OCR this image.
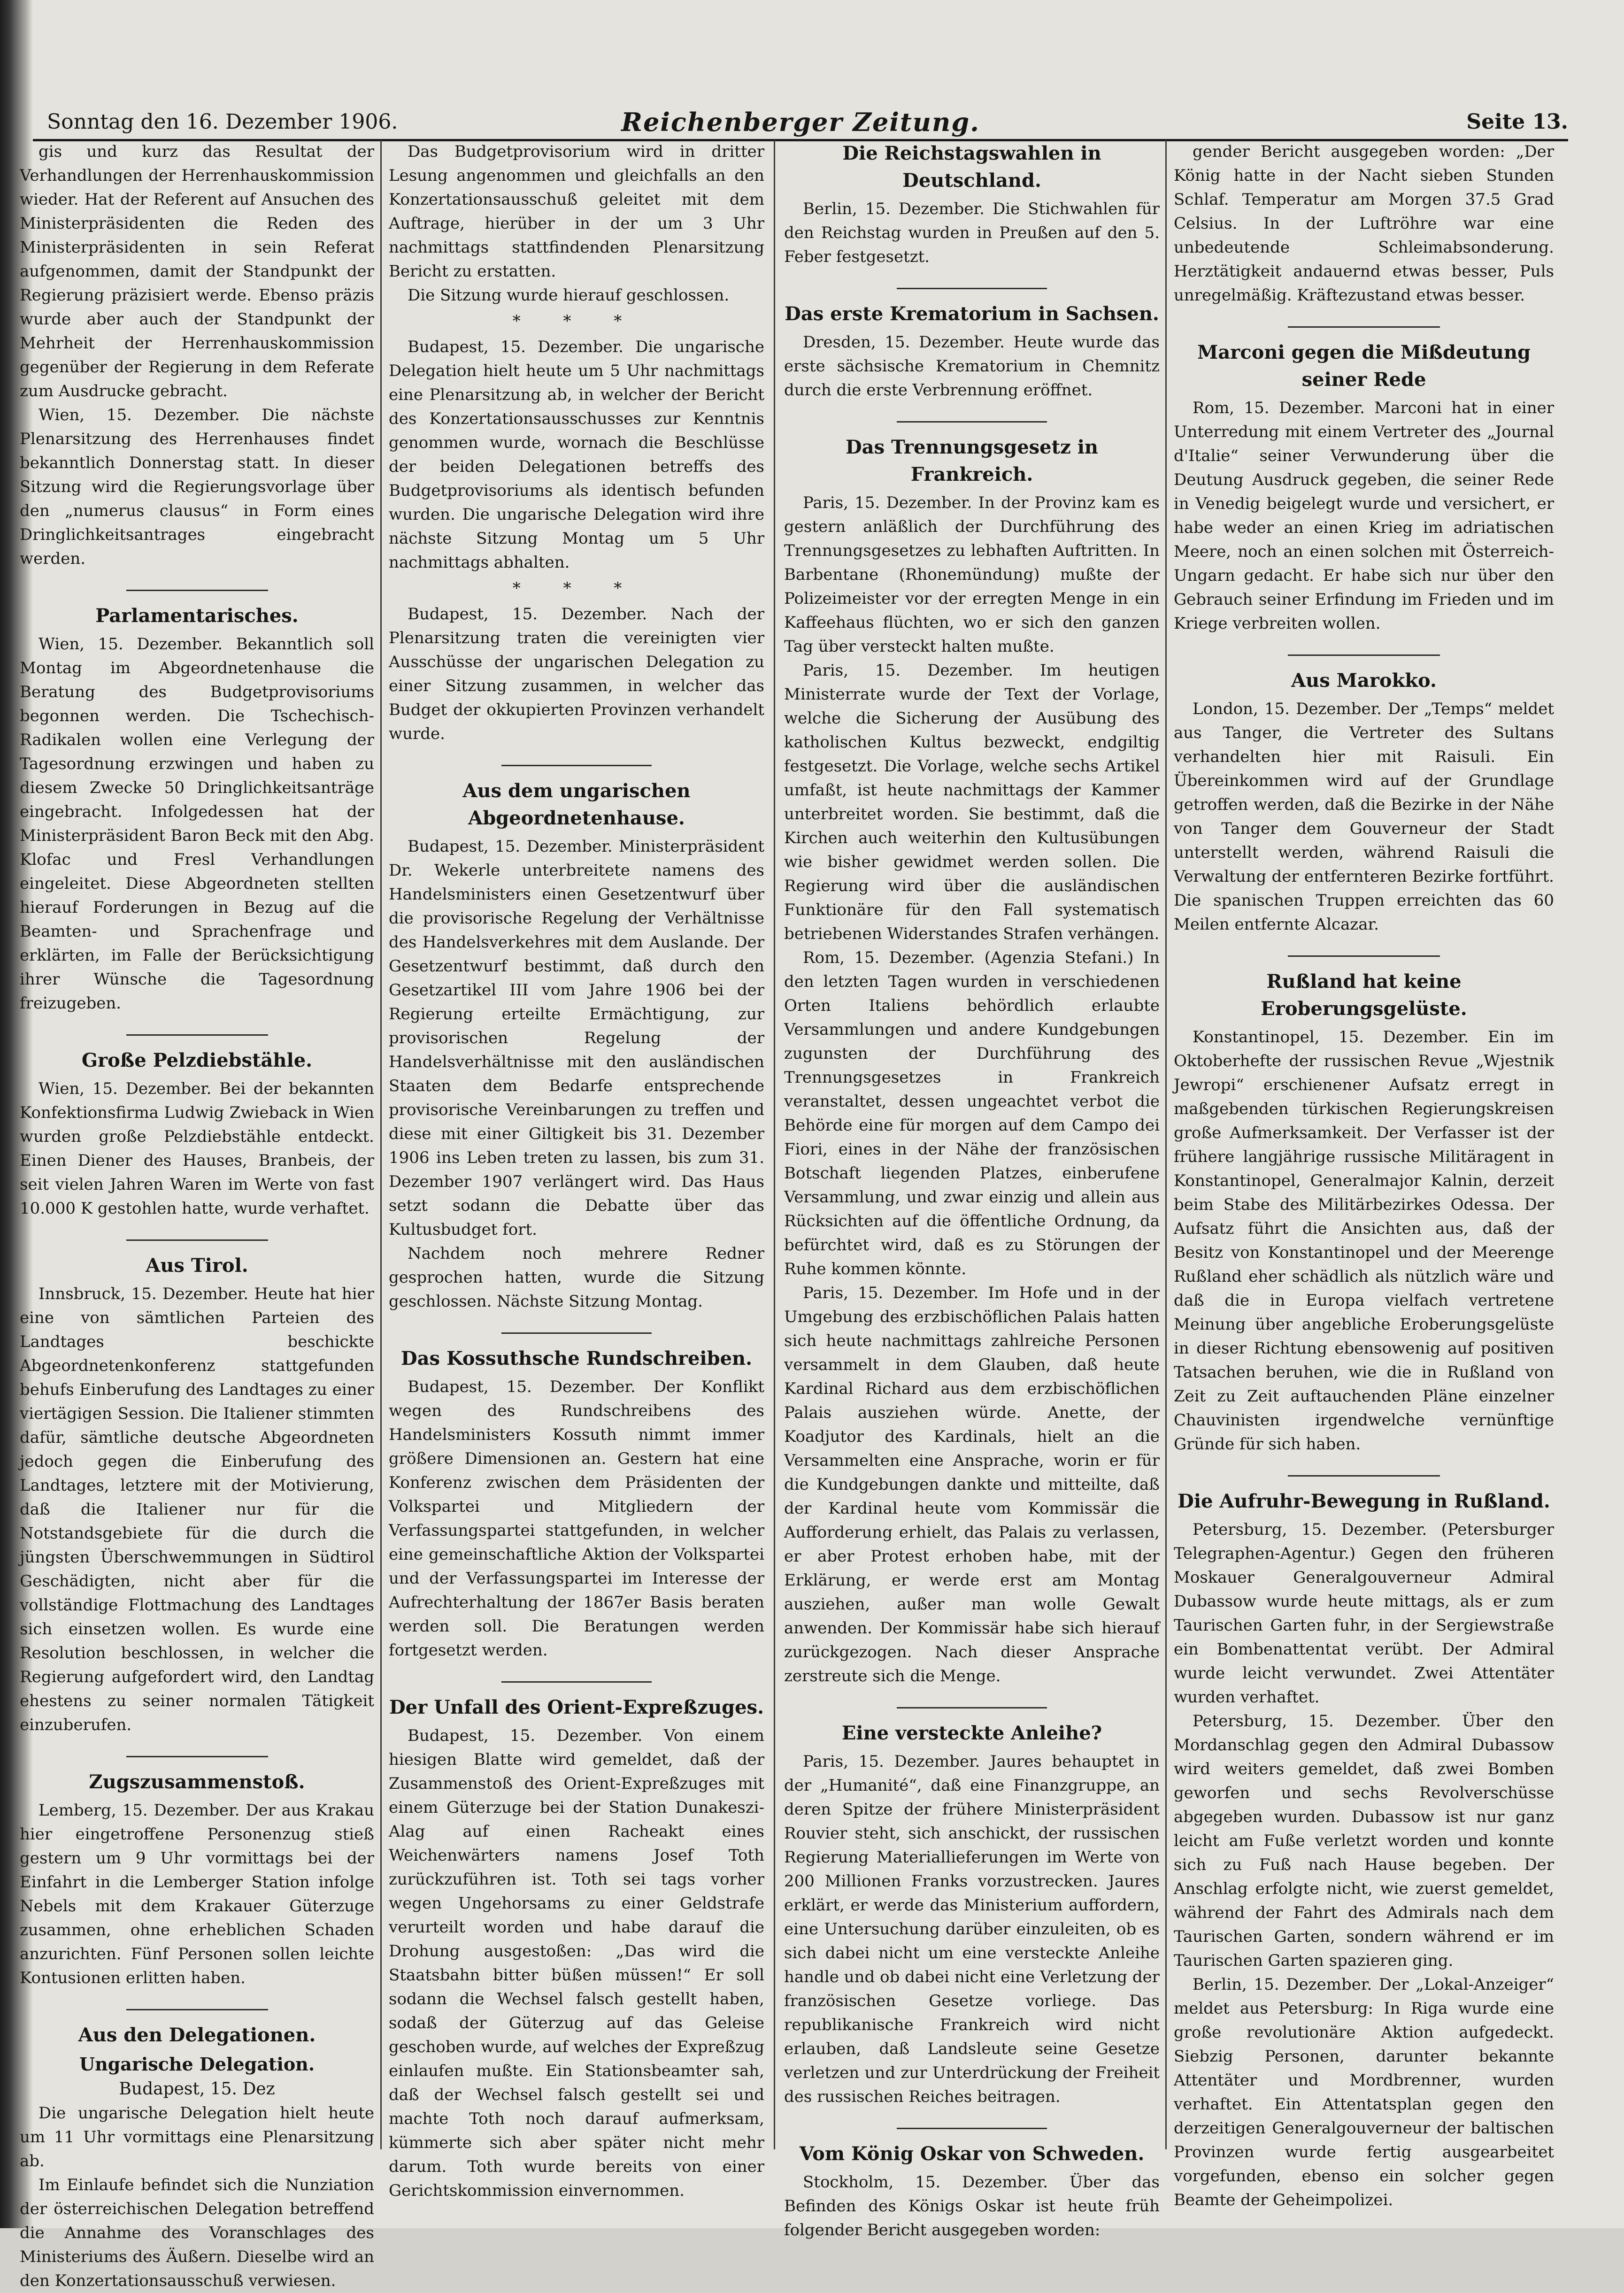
Sonntag den 16. Dezember 1906.	Reichenberger Zeitung.	Seite 13.

gis und kurz das Resultat der Verhandlungen der Herrenhauskommission wieder. Hat der Referent auf Ansuchen des Ministerpräsidenten die Reden des Ministerpräsidenten in sein Referat aufgenommen, damit der Standpunkt der Regierung präzisiert werde. Ebenso präzis wurde aber auch der Standpunkt der Mehrheit der Herrenhauskommission gegenüber der Regierung in dem Referate zum Ausdrucke gebracht.

Wien, 15. Dezember. Die nächste Plenarsitzung des Herrenhauses findet bekanntlich Donnerstag statt. In dieser Sitzung wird die Regierungsvorlage über den „numerus clausus“ in Form eines Dringlichkeitsantrages eingebracht werden.

Parlamentarisches.

Wien, 15. Dezember. Bekanntlich soll Montag im Abgeordnetenhause die Beratung des Budgetprovisoriums begonnen werden. Die Tschechisch-Radikalen wollen eine Verlegung der Tagesordnung erzwingen und haben zu diesem Zwecke 50 Dringlichkeitsanträge eingebracht. Infolgedessen hat der Ministerpräsident Baron Beck mit den Abg. Klofac und Fresl Verhandlungen eingeleitet. Diese Abgeordneten stellten hierauf Forderungen in Bezug auf die Beamten- und Sprachenfrage und erklärten, im Falle der Berücksichtigung ihrer Wünsche die Tagesordnung freizugeben.

Große Pelzdiebstähle.

Wien, 15. Dezember. Bei der bekannten Konfektionsfirma Ludwig Zwieback in Wien wurden große Pelzdiebstähle entdeckt. Einen Diener des Hauses, Branbeis, der seit vielen Jahren Waren im Werte von fast 10.000 K gestohlen hatte, wurde verhaftet.

Aus Tirol.

Innsbruck, 15. Dezember. Heute hat hier eine von sämtlichen Parteien des Landtages beschickte Abgeordnetenkonferenz stattgefunden behufs Einberufung des Landtages zu einer viertägigen Session. Die Italiener stimmten dafür, sämtliche deutsche Abgeordneten jedoch gegen die Einberufung des Landtages, letztere mit der Motivierung, daß die Italiener nur für die Notstandsgebiete für die durch die jüngsten Überschwemmungen in Südtirol Geschädigten, nicht aber für die vollständige Flottmachung des Landtages sich einsetzen wollen. Es wurde eine Resolution beschlossen, in welcher die Regierung aufgefordert wird, den Landtag ehestens zu seiner normalen Tätigkeit einzuberufen.

Zugszusammenstoß.

Lemberg, 15. Dezember. Der aus Krakau hier eingetroffene Personenzug stieß gestern um 9 Uhr vormittags bei der Einfahrt in die Lemberger Station infolge Nebels mit dem Krakauer Güterzuge zusammen, ohne erheblichen Schaden anzurichten. Fünf Personen sollen leichte Kontusionen erlitten haben.

Aus den Delegationen.
Ungarische Delegation.
Budapest, 15. Dez

Die ungarische Delegation hielt heute um 11 Uhr vormittags eine Plenarsitzung ab.

Im Einlaufe befindet sich die Nunziation der österreichischen Delegation betreffend die Annahme des Voranschlages des Ministeriums des Äußern. Dieselbe wird an den Konzertationsausschuß verwiesen.

Das Budgetprovisorium wird in dritter Lesung angenommen und gleichfalls an den Konzertationsausschuß geleitet mit dem Auftrage, hierüber in der um 3 Uhr nachmittags stattfindenden Plenarsitzung Bericht zu erstatten.

Die Sitzung wurde hierauf geschlossen.

* * *

Budapest, 15. Dezember. Die ungarische Delegation hielt heute um 5 Uhr nachmittags eine Plenarsitzung ab, in welcher der Bericht des Konzertationsausschusses zur Kenntnis genommen wurde, wornach die Beschlüsse der beiden Delegationen betreffs des Budgetprovisoriums als identisch befunden wurden. Die ungarische Delegation wird ihre nächste Sitzung Montag um 5 Uhr nachmittags abhalten.

* * *

Budapest, 15. Dezember. Nach der Plenarsitzung traten die vereinigten vier Ausschüsse der ungarischen Delegation zu einer Sitzung zusammen, in welcher das Budget der okkupierten Provinzen verhandelt wurde.

Aus dem ungarischen Abgeordnetenhause.

Budapest, 15. Dezember. Ministerpräsident Dr. Wekerle unterbreitete namens des Handelsministers einen Gesetzentwurf über die provisorische Regelung der Verhältnisse des Handelsverkehres mit dem Auslande. Der Gesetzentwurf bestimmt, daß durch den Gesetzartikel III vom Jahre 1906 bei der Regierung erteilte Ermächtigung, zur provisorischen Regelung der Handelsverhältnisse mit den ausländischen Staaten dem Bedarfe entsprechende provisorische Vereinbarungen zu treffen und diese mit einer Giltigkeit bis 31. Dezember 1906 ins Leben treten zu lassen, bis zum 31. Dezember 1907 verlängert wird. Das Haus setzt sodann die Debatte über das Kultusbudget fort.

Nachdem noch mehrere Redner gesprochen hatten, wurde die Sitzung geschlossen. Nächste Sitzung Montag.

Das Kossuthsche Rundschreiben.

Budapest, 15. Dezember. Der Konflikt wegen des Rundschreibens des Handelsministers Kossuth nimmt immer größere Dimensionen an. Gestern hat eine Konferenz zwischen dem Präsidenten der Volkspartei und Mitgliedern der Verfassungspartei stattgefunden, in welcher eine gemeinschaftliche Aktion der Volkspartei und der Verfassungspartei im Interesse der Aufrechterhaltung der 1867er Basis beraten werden soll. Die Beratungen werden fortgesetzt werden.

Der Unfall des Orient-Expreßzuges.

Budapest, 15. Dezember. Von einem hiesigen Blatte wird gemeldet, daß der Zusammenstoß des Orient-Expreßzuges mit einem Güterzuge bei der Station Dunakeszi-Alag auf einen Racheakt eines Weichenwärters namens Josef Toth zurückzuführen ist. Toth sei tags vorher wegen Ungehorsams zu einer Geldstrafe verurteilt worden und habe darauf die Drohung ausgestoßen: „Das wird die Staatsbahn bitter büßen müssen!“ Er soll sodann die Wechsel falsch gestellt haben, sodaß der Güterzug auf das Geleise geschoben wurde, auf welches der Expreßzug einlaufen mußte. Ein Stationsbeamter sah, daß der Wechsel falsch gestellt sei und machte Toth noch darauf aufmerksam, kümmerte sich aber später nicht mehr darum. Toth wurde bereits von einer Gerichtskommission einvernommen.

Die Reichstagswahlen in Deutschland.

Berlin, 15. Dezember. Die Stichwahlen für den Reichstag wurden in Preußen auf den 5. Feber festgesetzt.

Das erste Krematorium in Sachsen.

Dresden, 15. Dezember. Heute wurde das erste sächsische Krematorium in Chemnitz durch die erste Verbrennung eröffnet.

Das Trennungsgesetz in Frankreich.

Paris, 15. Dezember. In der Provinz kam es gestern anläßlich der Durchführung des Trennungsgesetzes zu lebhaften Auftritten. In Barbentane (Rhonemündung) mußte der Polizeimeister vor der erregten Menge in ein Kaffeehaus flüchten, wo er sich den ganzen Tag über versteckt halten mußte.

Paris, 15. Dezember. Im heutigen Ministerrate wurde der Text der Vorlage, welche die Sicherung der Ausübung des katholischen Kultus bezweckt, endgiltig festgesetzt. Die Vorlage, welche sechs Artikel umfaßt, ist heute nachmittags der Kammer unterbreitet worden. Sie bestimmt, daß die Kirchen auch weiterhin den Kultusübungen wie bisher gewidmet werden sollen. Die Regierung wird über die ausländischen Funktionäre für den Fall systematisch betriebenen Widerstandes Strafen verhängen.

Rom, 15. Dezember. (Agenzia Stefani.) In den letzten Tagen wurden in verschiedenen Orten Italiens behördlich erlaubte Versammlungen und andere Kundgebungen zugunsten der Durchführung des Trennungsgesetzes in Frankreich veranstaltet, dessen ungeachtet verbot die Behörde eine für morgen auf dem Campo dei Fiori, eines in der Nähe der französischen Botschaft liegenden Platzes, einberufene Versammlung, und zwar einzig und allein aus Rücksichten auf die öffentliche Ordnung, da befürchtet wird, daß es zu Störungen der Ruhe kommen könnte.

Paris, 15. Dezember. Im Hofe und in der Umgebung des erzbischöflichen Palais hatten sich heute nachmittags zahlreiche Personen versammelt in dem Glauben, daß heute Kardinal Richard aus dem erzbischöflichen Palais ausziehen würde. Anette, der Koadjutor des Kardinals, hielt an die Versammelten eine Ansprache, worin er für die Kundgebungen dankte und mitteilte, daß der Kardinal heute vom Kommissär die Aufforderung erhielt, das Palais zu verlassen, er aber Protest erhoben habe, mit der Erklärung, er werde erst am Montag ausziehen, außer man wolle Gewalt anwenden. Der Kommissär habe sich hierauf zurückgezogen. Nach dieser Ansprache zerstreute sich die Menge.

Eine versteckte Anleihe?

Paris, 15. Dezember. Jaures behauptet in der „Humanité“, daß eine Finanzgruppe, an deren Spitze der frühere Ministerpräsident Rouvier steht, sich anschickt, der russischen Regierung Materiallieferungen im Werte von 200 Millionen Franks vorzustrecken. Jaures erklärt, er werde das Ministerium auffordern, eine Untersuchung darüber einzuleiten, ob es sich dabei nicht um eine versteckte Anleihe handle und ob dabei nicht eine Verletzung der französischen Gesetze vorliege. Das republikanische Frankreich wird nicht erlauben, daß Landsleute seine Gesetze verletzen und zur Unterdrückung der Freiheit des russischen Reiches beitragen.

Vom König Oskar von Schweden.

Stockholm, 15. Dezember. Über das Befinden des Königs Oskar ist heute früh folgender Bericht ausgegeben worden:

gender Bericht ausgegeben worden: „Der König hatte in der Nacht sieben Stunden Schlaf. Temperatur am Morgen 37.5 Grad Celsius. In der Luftröhre war eine unbedeutende Schleimabsonderung. Herztätigkeit andauernd etwas besser, Puls unregelmäßig. Kräftezustand etwas besser.

Marconi gegen die Mißdeutung seiner Rede

Rom, 15. Dezember. Marconi hat in einer Unterredung mit einem Vertreter des „Journal d'Italie“ seiner Verwunderung über die Deutung Ausdruck gegeben, die seiner Rede in Venedig beigelegt wurde und versichert, er habe weder an einen Krieg im adriatischen Meere, noch an einen solchen mit Österreich-Ungarn gedacht. Er habe sich nur über den Gebrauch seiner Erfindung im Frieden und im Kriege verbreiten wollen.

Aus Marokko.

London, 15. Dezember. Der „Temps“ meldet aus Tanger, die Vertreter des Sultans verhandelten hier mit Raisuli. Ein Übereinkommen wird auf der Grundlage getroffen werden, daß die Bezirke in der Nähe von Tanger dem Gouverneur der Stadt unterstellt werden, während Raisuli die Verwaltung der entfernteren Bezirke fortführt. Die spanischen Truppen erreichten das 60 Meilen entfernte Alcazar.

Rußland hat keine Eroberungsgelüste.

Konstantinopel, 15. Dezember. Ein im Oktoberhefte der russischen Revue „Wjestnik Jewropi“ erschienener Aufsatz erregt in maßgebenden türkischen Regierungskreisen große Aufmerksamkeit. Der Verfasser ist der frühere langjährige russische Militäragent in Konstantinopel, Generalmajor Kalnin, derzeit beim Stabe des Militärbezirkes Odessa. Der Aufsatz führt die Ansichten aus, daß der Besitz von Konstantinopel und der Meerenge Rußland eher schädlich als nützlich wäre und daß die in Europa vielfach vertretene Meinung über angebliche Eroberungsgelüste in dieser Richtung ebensowenig auf positiven Tatsachen beruhen, wie die in Rußland von Zeit zu Zeit auftauchenden Pläne einzelner Chauvinisten irgendwelche vernünftige Gründe für sich haben.

Die Aufruhr-Bewegung in Rußland.

Petersburg, 15. Dezember. (Petersburger Telegraphen-Agentur.) Gegen den früheren Moskauer Generalgouverneur Admiral Dubassow wurde heute mittags, als er zum Taurischen Garten fuhr, in der Sergiewstraße ein Bombenattentat verübt. Der Admiral wurde leicht verwundet. Zwei Attentäter wurden verhaftet.

Petersburg, 15. Dezember. Über den Mordanschlag gegen den Admiral Dubassow wird weiters gemeldet, daß zwei Bomben geworfen und sechs Revolverschüsse abgegeben wurden. Dubassow ist nur ganz leicht am Fuße verletzt worden und konnte sich zu Fuß nach Hause begeben. Der Anschlag erfolgte nicht, wie zuerst gemeldet, während der Fahrt des Admirals nach dem Taurischen Garten, sondern während er im Taurischen Garten spazieren ging.

Berlin, 15. Dezember. Der „Lokal-Anzeiger“ meldet aus Petersburg: In Riga wurde eine große revolutionäre Aktion aufgedeckt. Siebzig Personen, darunter bekannte Attentäter und Mordbrenner, wurden verhaftet. Ein Attentatsplan gegen den derzeitigen Generalgouverneur der baltischen Provinzen wurde fertig ausgearbeitet vorgefunden, ebenso ein solcher gegen Beamte der Geheimpolizei.
